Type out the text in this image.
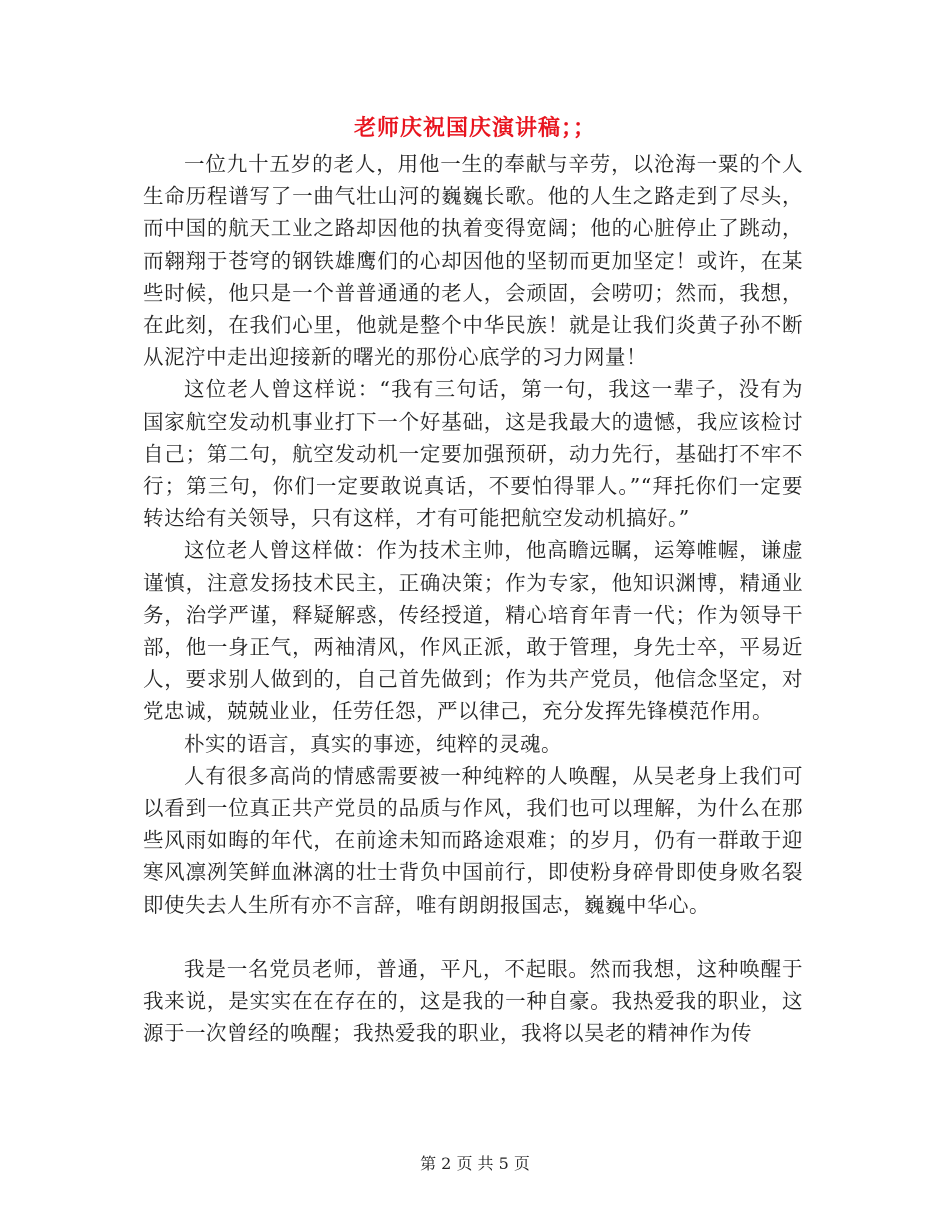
老师庆祝国庆演讲稿；；

一位九十五岁的老人，用他一生的奉献与辛劳，以沧海一粟的个人生命历程谱写了一曲气壮山河的巍巍长歌。他的人生之路走到了尽头，而中国的航天工业之路却因他的执着变得宽阔；他的心脏停止了跳动，而翱翔于苍穹的钢铁雄鹰们的心却因他的坚韧而更加坚定！或许，在某些时候，他只是一个普普通通的老人，会顽固，会唠叨；然而，我想，在此刻，在我们心里，他就是整个中华民族！就是让我们炎黄子孙不断从泥泞中走出迎接新的曙光的那份心底学的习力网量！

这位老人曾这样说：“我有三句话，第一句，我这一辈子，没有为国家航空发动机事业打下一个好基础，这是我最大的遗憾，我应该检讨自己；第二句，航空发动机一定要加强预研，动力先行，基础打不牢不行；第三句，你们一定要敢说真话，不要怕得罪人。”“拜托你们一定要转达给有关领导，只有这样，才有可能把航空发动机搞好。”

这位老人曾这样做：作为技术主帅，他高瞻远瞩，运筹帷幄，谦虚谨慎，注意发扬技术民主，正确决策；作为专家，他知识渊博，精通业务，治学严谨，释疑解惑，传经授道，精心培育年青一代；作为领导干部，他一身正气，两袖清风，作风正派，敢于管理，身先士卒，平易近人，要求别人做到的，自己首先做到；作为共产党员，他信念坚定，对党忠诚，兢兢业业，任劳任怨，严以律己，充分发挥先锋模范作用。

朴实的语言，真实的事迹，纯粹的灵魂。

人有很多高尚的情感需要被一种纯粹的人唤醒，从吴老身上我们可以看到一位真正共产党员的品质与作风，我们也可以理解，为什么在那些风雨如晦的年代，在前途未知而路途艰难；的岁月，仍有一群敢于迎寒风凛冽笑鲜血淋漓的壮士背负中国前行，即使粉身碎骨即使身败名裂即使失去人生所有亦不言辞，唯有朗朗报国志，巍巍中华心。

我是一名党员老师，普通，平凡，不起眼。然而我想，这种唤醒于我来说，是实实在在存在的，这是我的一种自豪。我热爱我的职业，这源于一次曾经的唤醒；我热爱我的职业，我将以吴老的精神作为传

第 2 页 共 5 页
